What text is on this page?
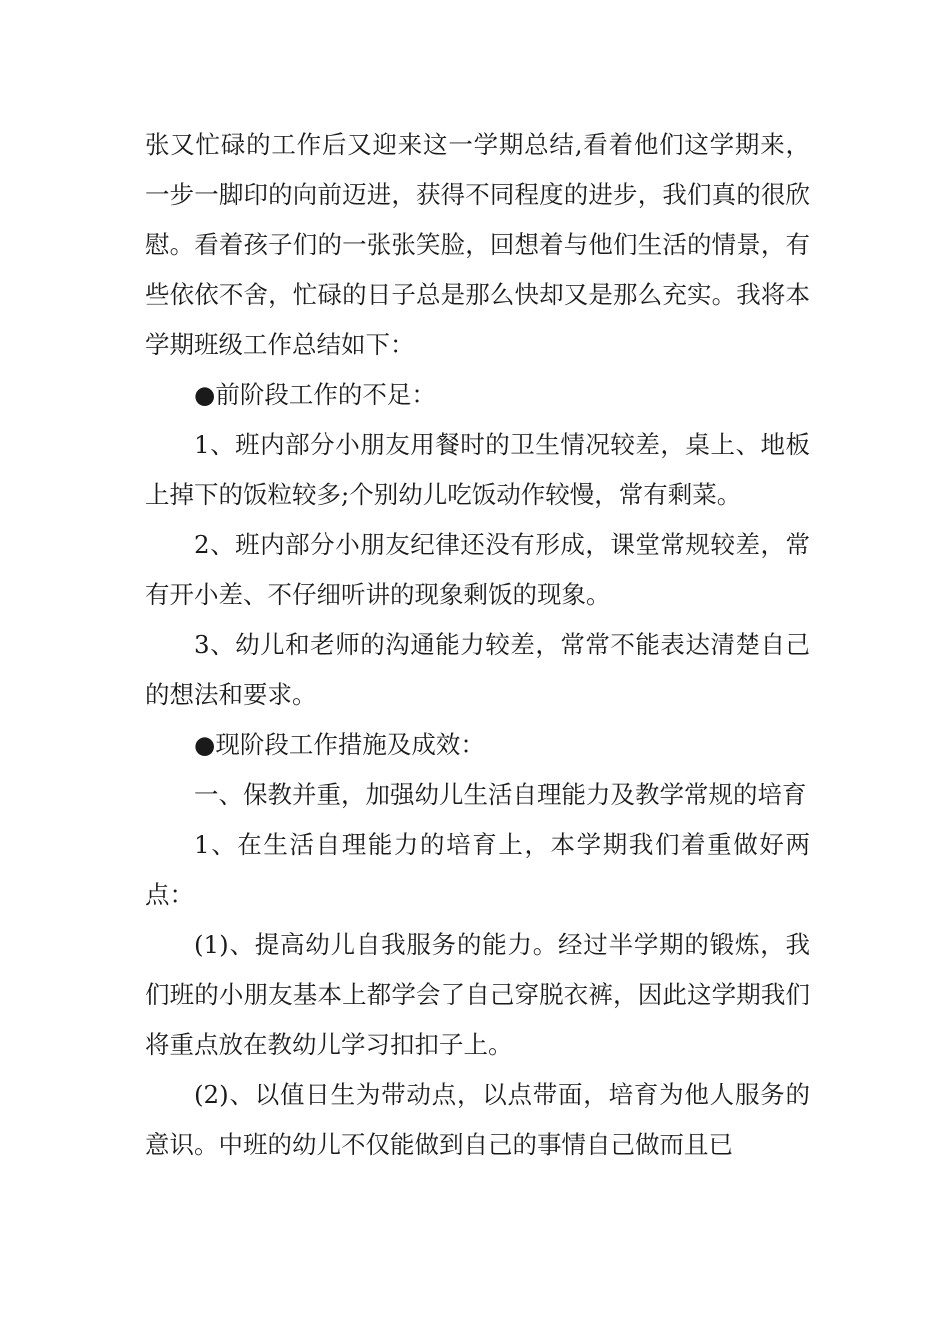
张又忙碌的工作后又迎来这一学期总结,看着他们这学期来，一步一脚印的向前迈进，获得不同程度的进步，我们真的很欣慰。看着孩子们的一张张笑脸，回想着与他们生活的情景，有些依依不舍，忙碌的日子总是那么快却又是那么充实。我将本学期班级工作总结如下：

●前阶段工作的不足：

1、班内部分小朋友用餐时的卫生情况较差，桌上、地板上掉下的饭粒较多;个别幼儿吃饭动作较慢，常有剩菜。

2、班内部分小朋友纪律还没有形成，课堂常规较差，常有开小差、不仔细听讲的现象剩饭的现象。

3、幼儿和老师的沟通能力较差，常常不能表达清楚自己的想法和要求。

●现阶段工作措施及成效：

一、保教并重，加强幼儿生活自理能力及教学常规的培育

1、在生活自理能力的培育上，本学期我们着重做好两点：

(1)、提高幼儿自我服务的能力。经过半学期的锻炼，我们班的小朋友基本上都学会了自己穿脱衣裤，因此这学期我们将重点放在教幼儿学习扣扣子上。

(2)、以值日生为带动点，以点带面，培育为他人服务的意识。中班的幼儿不仅能做到自己的事情自己做而且已
